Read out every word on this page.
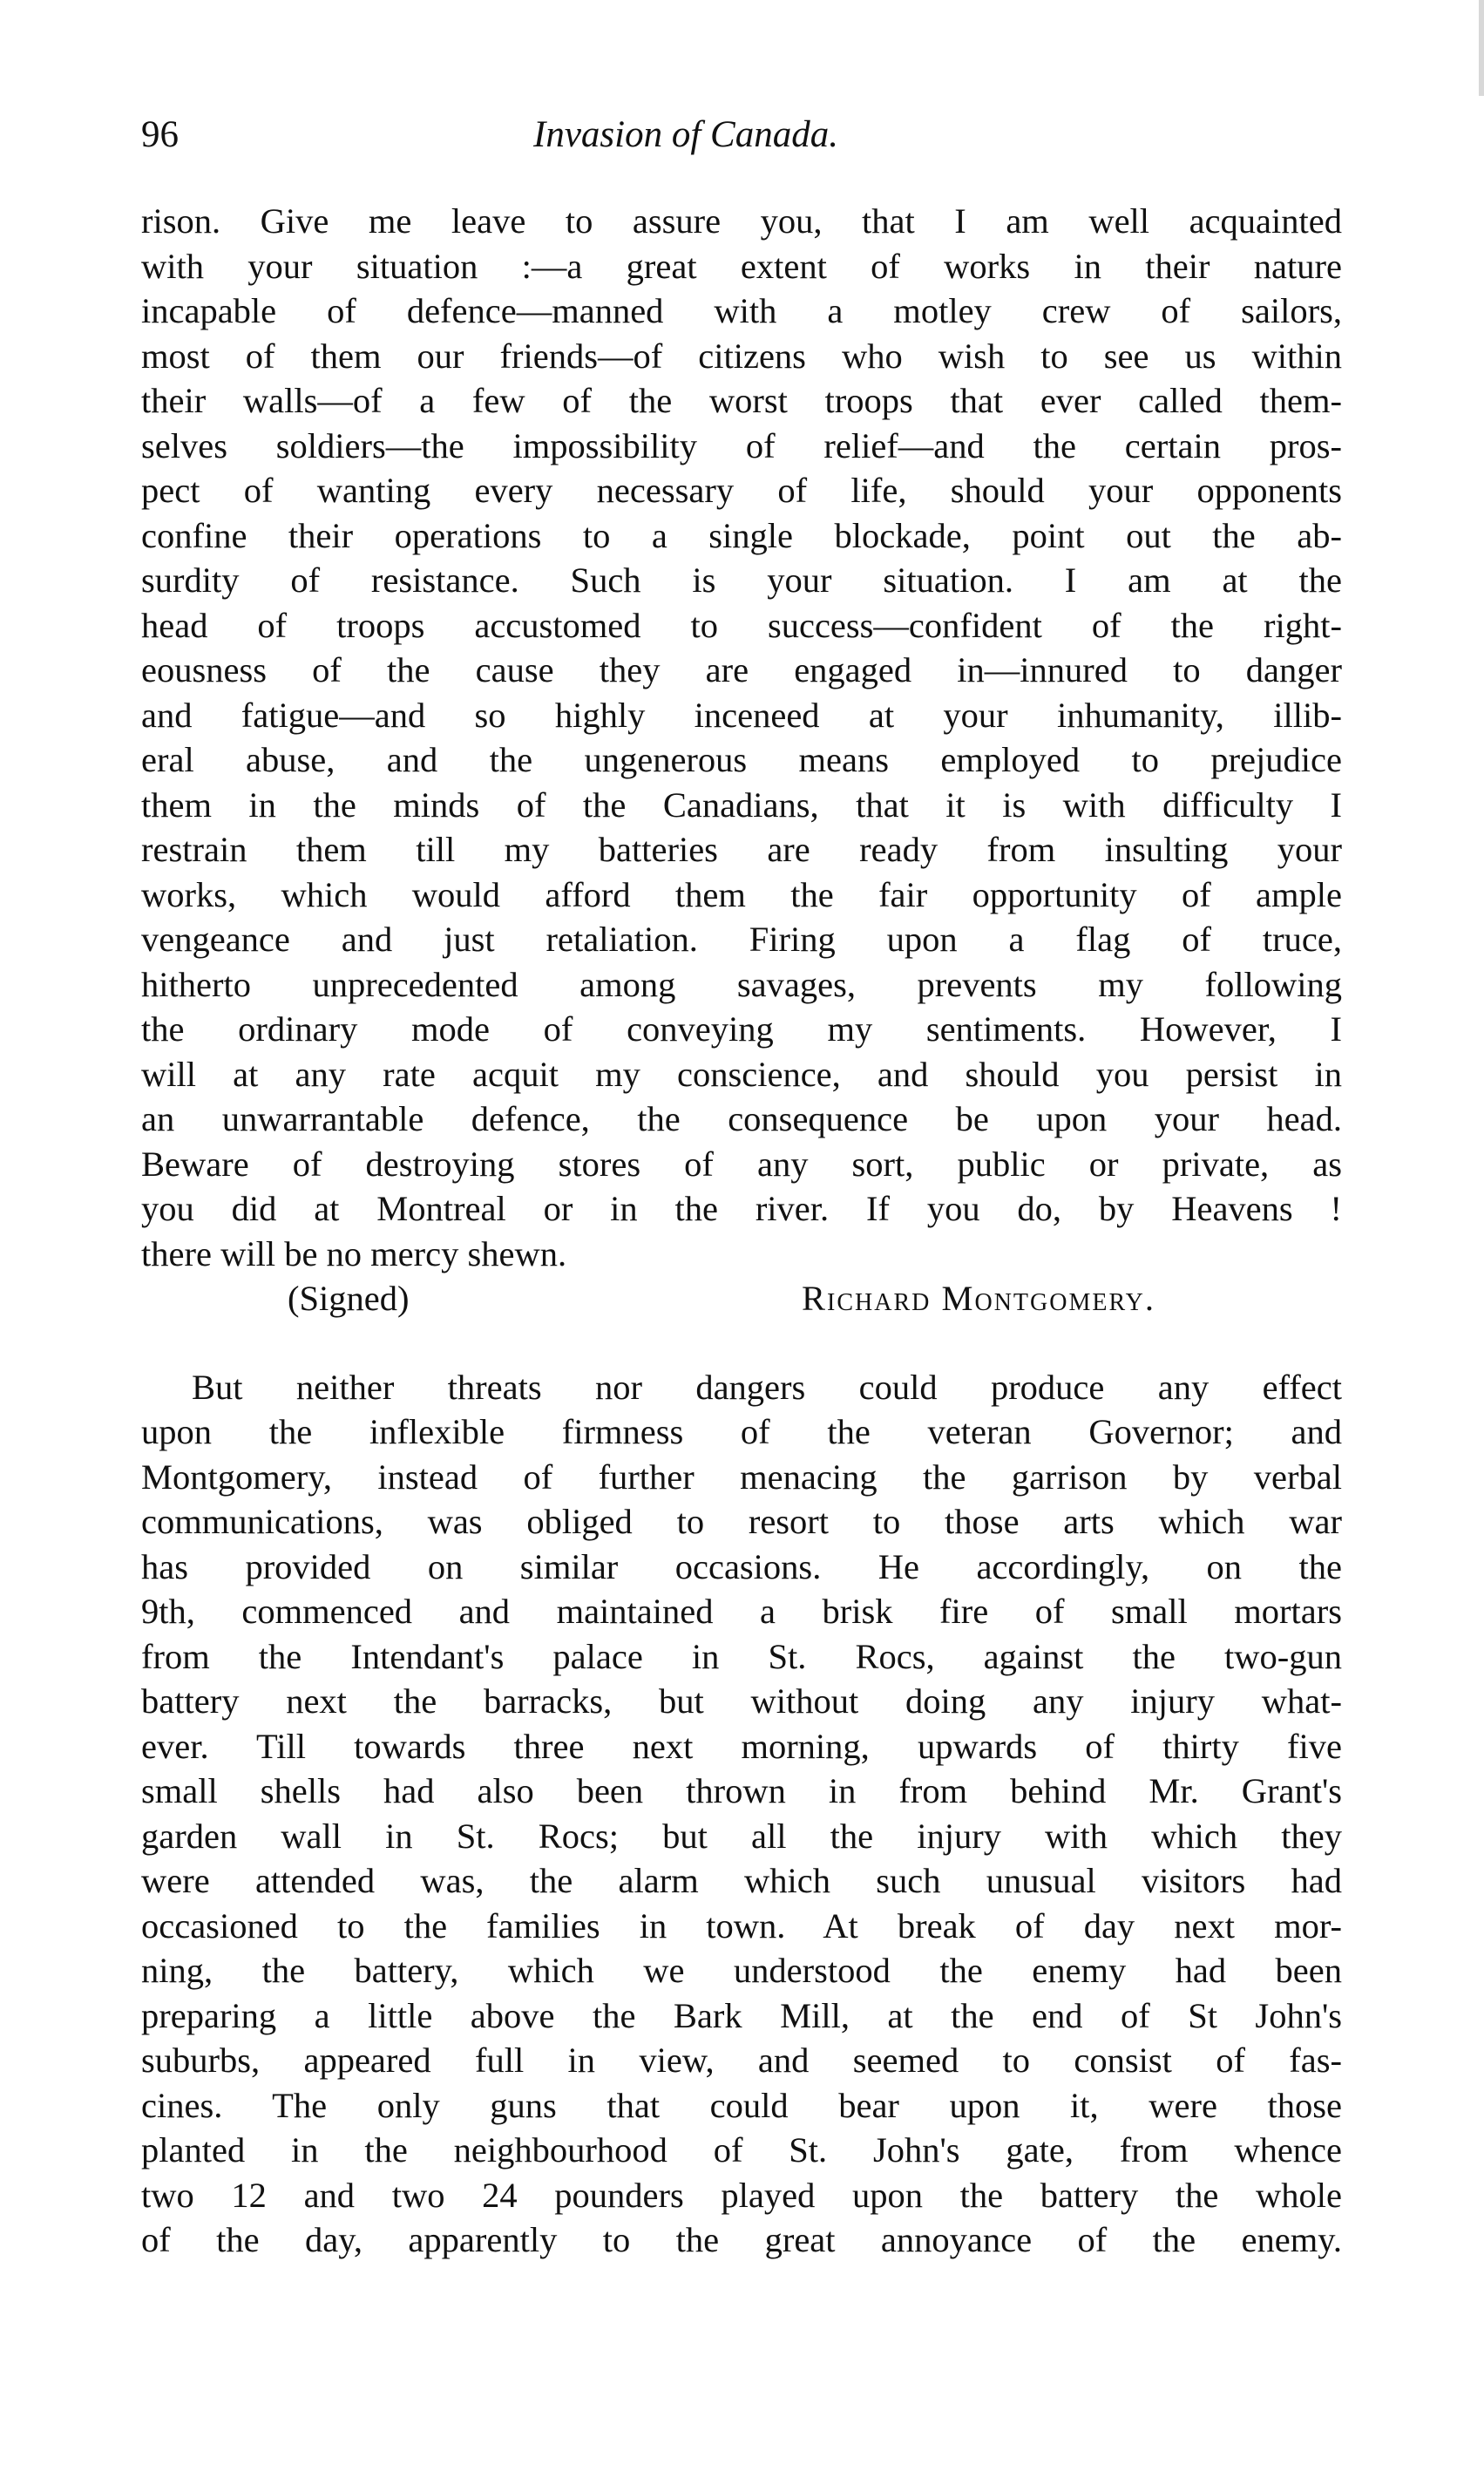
96	Invasion of Canada.
rison. Give me leave to assure you, that I am well acquainted
with your situation :—a great extent of works in their nature
incapable of defence—manned with a motley crew of sailors,
most of them our friends—of citizens who wish to see us within
their walls—of a few of the worst troops that ever called them-
selves soldiers—the impossibility of relief—and the certain pros-
pect of wanting every necessary of life, should your opponents
confine their operations to a single blockade, point out the ab-
surdity of resistance. Such is your situation. I am at the
head of troops accustomed to success—confident of the right-
eousness of the cause they are engaged in—innured to danger
and fatigue—and so highly inceneed at your inhumanity, illib-
eral abuse, and the ungenerous means employed to prejudice
them in the minds of the Canadians, that it is with difficulty I
restrain them till my batteries are ready from insulting your
works, which would afford them the fair opportunity of ample
vengeance and just retaliation. Firing upon a flag of truce,
hitherto unprecedented among savages, prevents my following
the ordinary mode of conveying my sentiments. However, I
will at any rate acquit my conscience, and should you persist in
an unwarrantable defence, the consequence be upon your head.
Beware of destroying stores of any sort, public or private, as
you did at Montreal or in the river. If you do, by Heavens !
there will be no mercy shewn.
(Signed)	Richard Montgomery.
But neither threats nor dangers could produce any effect
upon the inflexible firmness of the veteran Governor; and
Montgomery, instead of further menacing the garrison by verbal
communications, was obliged to resort to those arts which war
has provided on similar occasions. He accordingly, on the
9th, commenced and maintained a brisk fire of small mortars
from the Intendant's palace in St. Rocs, against the two-gun
battery next the barracks, but without doing any injury what-
ever. Till towards three next morning, upwards of thirty five
small shells had also been thrown in from behind Mr. Grant's
garden wall in St. Rocs; but all the injury with which they
were attended was, the alarm which such unusual visitors had
occasioned to the families in town. At break of day next mor-
ning, the battery, which we understood the enemy had been
preparing a little above the Bark Mill, at the end of St John's
suburbs, appeared full in view, and seemed to consist of fas-
cines. The only guns that could bear upon it, were those
planted in the neighbourhood of St. John's gate, from whence
two 12 and two 24 pounders played upon the battery the whole
of the day, apparently to the great annoyance of the enemy.
